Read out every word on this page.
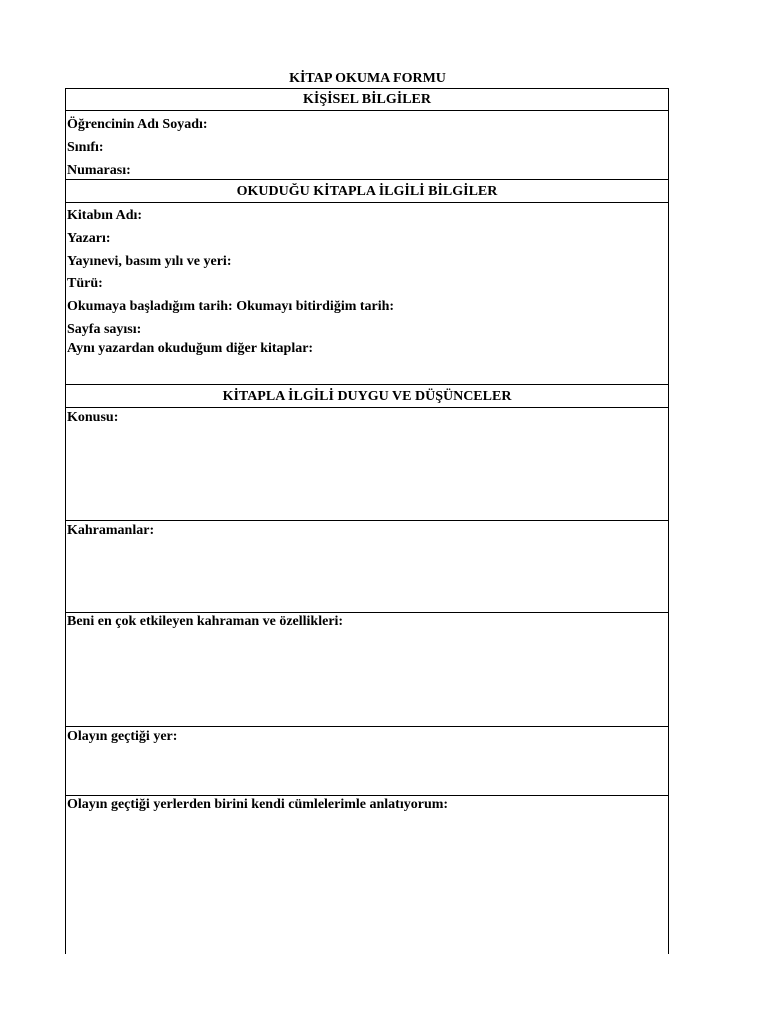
KİTAP OKUMA FORMU
KİŞİSEL BİLGİLER
Öğrencinin Adı Soyadı:
Sınıfı:
Numarası:
OKUDUĞU KİTAPLA İLGİLİ BİLGİLER
Kitabın Adı:
Yazarı:
Yayınevi, basım yılı ve yeri:
Türü:
Okumaya başladığım tarih: Okumayı bitirdiğim tarih:
Sayfa sayısı:
Aynı yazardan okuduğum diğer kitaplar:
KİTAPLA İLGİLİ DUYGU VE DÜŞÜNCELER
Konusu:
Kahramanlar:
Beni en çok etkileyen kahraman ve özellikleri:
Olayın geçtiği yer:
Olayın geçtiği yerlerden birini kendi cümlelerimle anlatıyorum:
